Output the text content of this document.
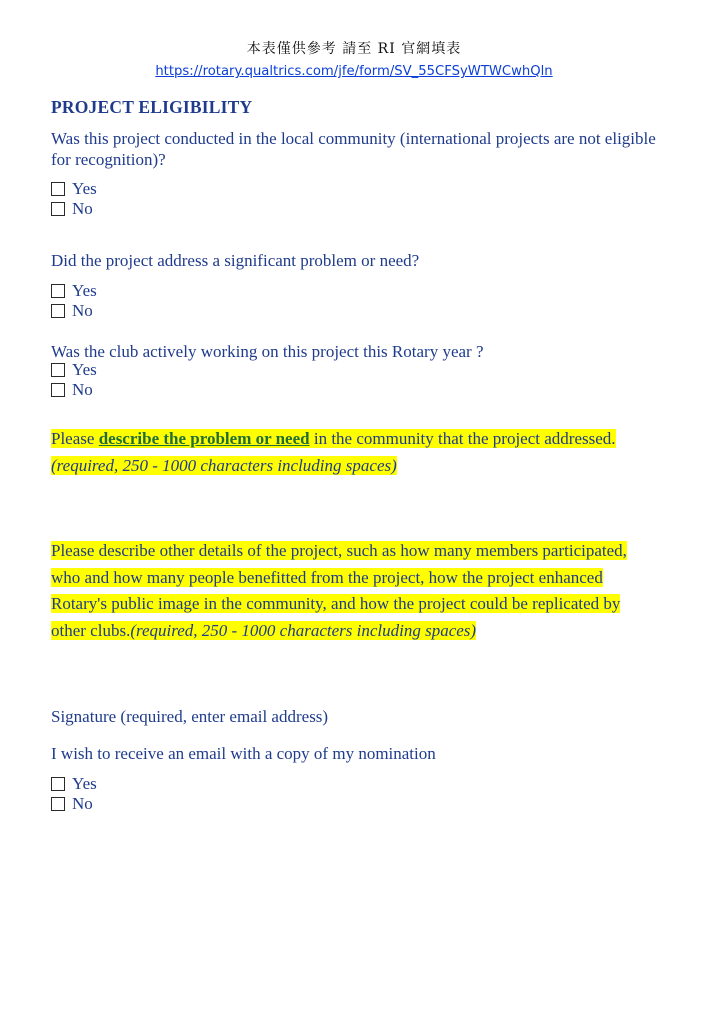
本表僅供參考 請至 RI 官網填表
https://rotary.qualtrics.com/jfe/form/SV_55CFSyWTWCwhQln
PROJECT ELIGIBILITY
Was this project conducted in the local community (international projects are not eligible for recognition)?
Yes
No
Did the project address a significant problem or need?
Yes
No
Was the club actively working on this project this Rotary year ?
Yes
No
Please describe the problem or need in the community that the project addressed.
(required, 250 - 1000 characters including spaces)
Please describe other details of the project, such as how many members participated,
who and how many people benefitted from the project, how the project enhanced
Rotary's public image in the community, and how the project could be replicated by
other clubs.(required, 250 - 1000 characters including spaces)
Signature (required, enter email address)
I wish to receive an email with a copy of my nomination
Yes
No
